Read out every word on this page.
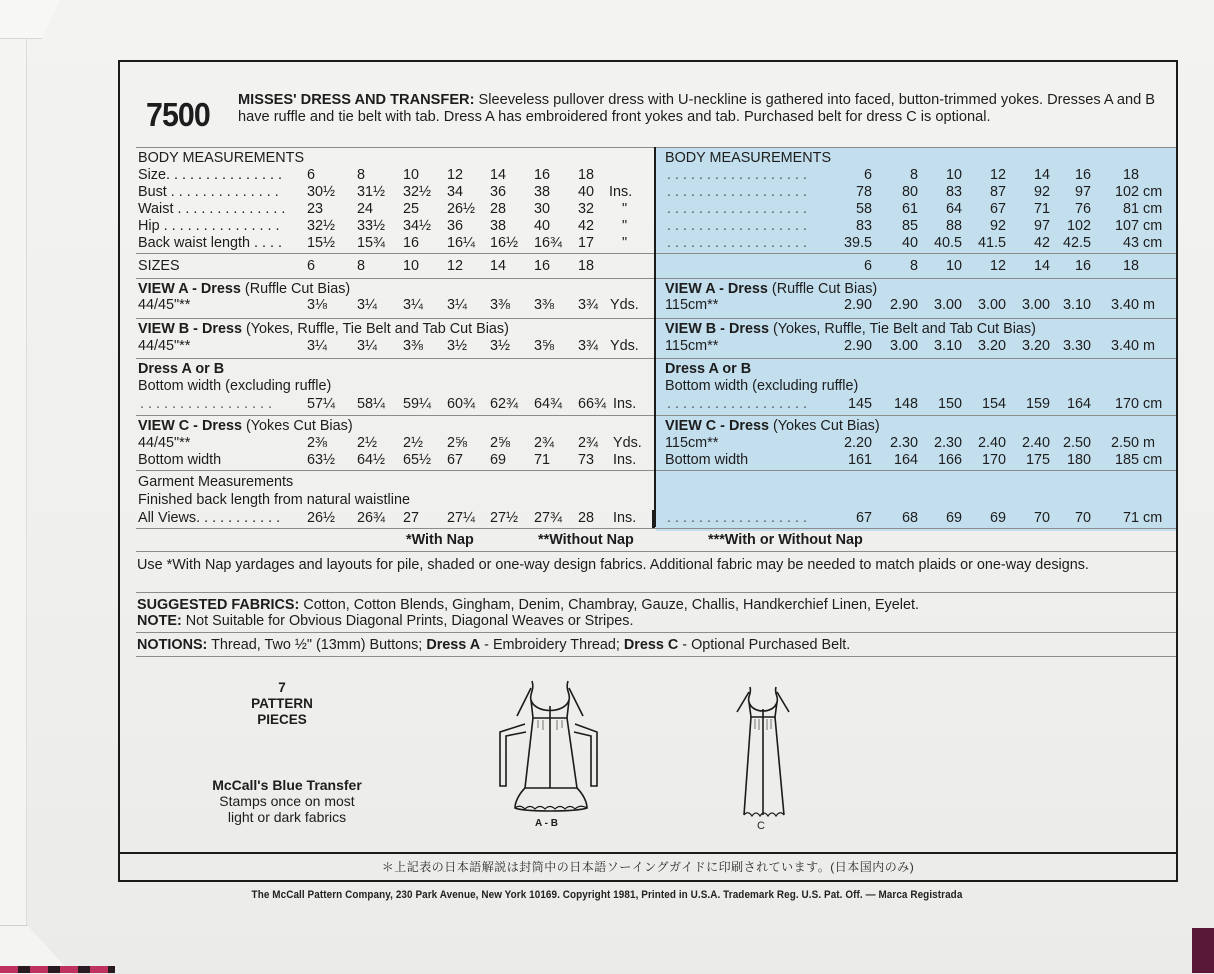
7500 MISSES' DRESS AND TRANSFER: Sleeveless pullover dress with U-neckline is gathered into faced, button-trimmed yokes. Dresses A and B have ruffle and tie belt with tab. Dress A has embroidered front yokes and tab. Purchased belt for dress C is optional.
BODY MEASUREMENTS
Size. . . . . . . . . . . . . . . 6	8	10 12 14 16 18
Bust . . . . . . . . . . . . . . 30½ 31½ 32½ 34 36 38 40 Ins.
Waist . . . . . . . . . . . . . . 23 24 25 26½ 28 30 32 "
Hip . . . . . . . . . . . . . . . 32½ 33½ 34½ 36 38 40 42 "
Back waist length . . . . 15½ 15¾ 16 16¼ 16½ 16¾ 17 "
SIZES	6	8	10 12 14 16 18
VIEW A - Dress (Ruffle Cut Bias)
44/45"**	3⅛ 3¼ 3¼ 3¼ 3⅜ 3⅜ 3¾ Yds.
VIEW B - Dress (Yokes, Ruffle, Tie Belt and Tab Cut Bias)
44/45"**	3¼ 3¼ 3⅜ 3½ 3½ 3⅝ 3¾ Yds.
Dress A or B
Bottom width (excluding ruffle)
. . . . . . . . . . . . . . . . . 57¼ 58¼ 59¼ 60¾ 62¾ 64¾ 66¾ Ins.
VIEW C - Dress (Yokes Cut Bias)
44/45"**	2⅜ 2½ 2½ 2⅝ 2⅝ 2¾ 2¾ Yds.
Bottom width	63½ 64½ 65½ 67 69 71 73 Ins.
Garment Measurements
Finished back length from natural waistline
All Views. . . . . . . . . . . 26½ 26¾ 27 27¼ 27½ 27¾ 28 Ins.
BODY MEASUREMENTS
. . . . . . . . . . . . . . . . . .	6	8 10 12 14 16 18
. . . . . . . . . . . . . . . . . .	78 80 83 87 92 97 102 cm
. . . . . . . . . . . . . . . . . .	58 61 64 67 71 76 81 cm
. . . . . . . . . . . . . . . . . .	83 85 88 92 97 102 107 cm
. . . . . . . . . . . . . . . . . .	39.5 40 40.5 41.5 42 42.5 43 cm
6	8 10 12 14 16 18
VIEW A - Dress (Ruffle Cut Bias)
115cm**	2.90 2.90 3.00 3.00 3.00 3.10 3.40 m
VIEW B - Dress (Yokes, Ruffle, Tie Belt and Tab Cut Bias)
115cm**	2.90 3.00 3.10 3.20 3.20 3.30 3.40 m
Dress A or B
Bottom width (excluding ruffle)
. . . . . . . . . . . . . . . . . .	145 148 150 154 159 164 170 cm
VIEW C - Dress (Yokes Cut Bias)
115cm**	2.20 2.30 2.30 2.40 2.40 2.50 2.50 m
Bottom width	161 164 166 170 175 180 185 cm
. . . . . . . . . . . . . . . . . .	67 68 69 69 70 70 71 cm
*With Nap	**Without Nap	***With or Without Nap
Use *With Nap yardages and layouts for pile, shaded or one-way design fabrics. Additional fabric may be needed to match plaids or one-way designs.
SUGGESTED FABRICS: Cotton, Cotton Blends, Gingham, Denim, Chambray, Gauze, Challis, Handkerchief Linen, Eyelet.
NOTE: Not Suitable for Obvious Diagonal Prints, Diagonal Weaves or Stripes.
NOTIONS: Thread, Two ½" (13mm) Buttons; Dress A - Embroidery Thread; Dress C - Optional Purchased Belt.
7
PATTERN
PIECES
McCall's Blue Transfer
Stamps once on most
light or dark fabrics	A - B	C
＊上記表の日本語解説は封筒中の日本語ソーイングガイドに印刷されています。(日本国内のみ)
The McCall Pattern Company, 230 Park Avenue, New York 10169. Copyright 1981, Printed in U.S.A. Trademark Reg. U.S. Pat. Off. — Marca Registrada
